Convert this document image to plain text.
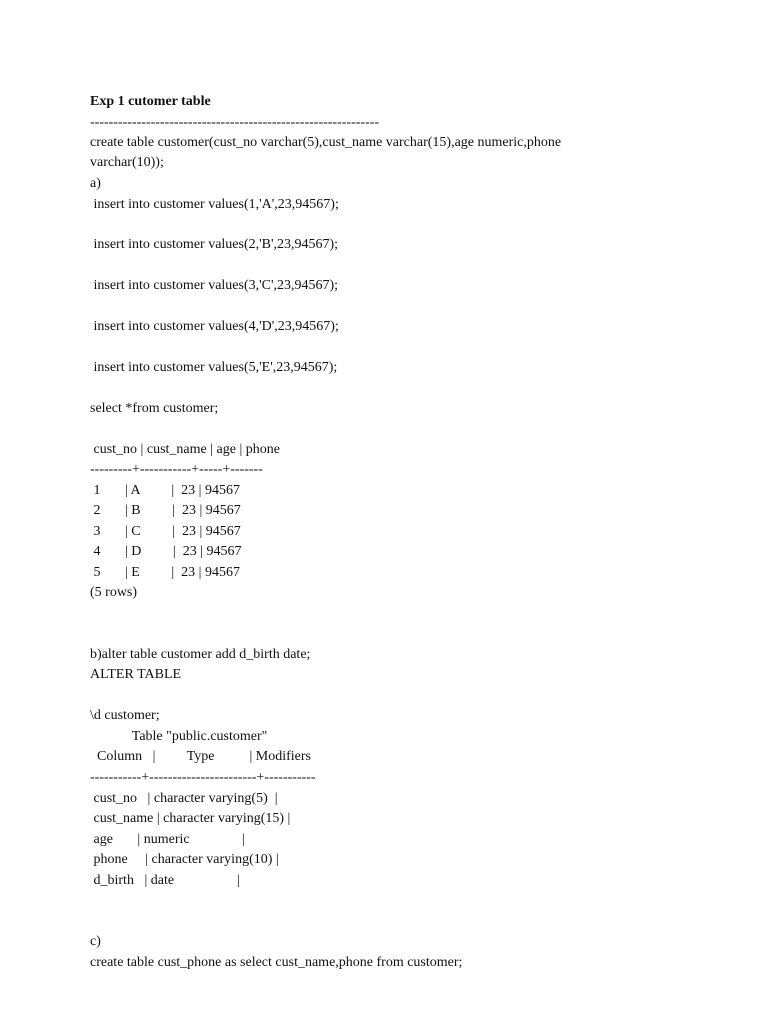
Exp 1 cutomer table
--------------------------------------------------------------
create table customer(cust_no varchar(5),cust_name varchar(15),age numeric,phone
varchar(10));
a)
insert into customer values(1,'A',23,94567);
insert into customer values(2,'B',23,94567);
insert into customer values(3,'C',23,94567);
insert into customer values(4,'D',23,94567);
insert into customer values(5,'E',23,94567);
select *from customer;
cust_no | cust_name | age | phone
---------+-----------+-----+-------
1       | A         |  23 | 94567
2       | B         |  23 | 94567
3       | C         |  23 | 94567
4       | D         |  23 | 94567
5       | E         |  23 | 94567
(5 rows)
b)alter table customer add d_birth date;
ALTER TABLE
\d customer;
Table "public.customer"
Column   |         Type          | Modifiers
-----------+-----------------------+-----------
cust_no   | character varying(5)  |
cust_name | character varying(15) |
age       | numeric               |
phone     | character varying(10) |
d_birth   | date                  |
c)
create table cust_phone as select cust_name,phone from customer;
